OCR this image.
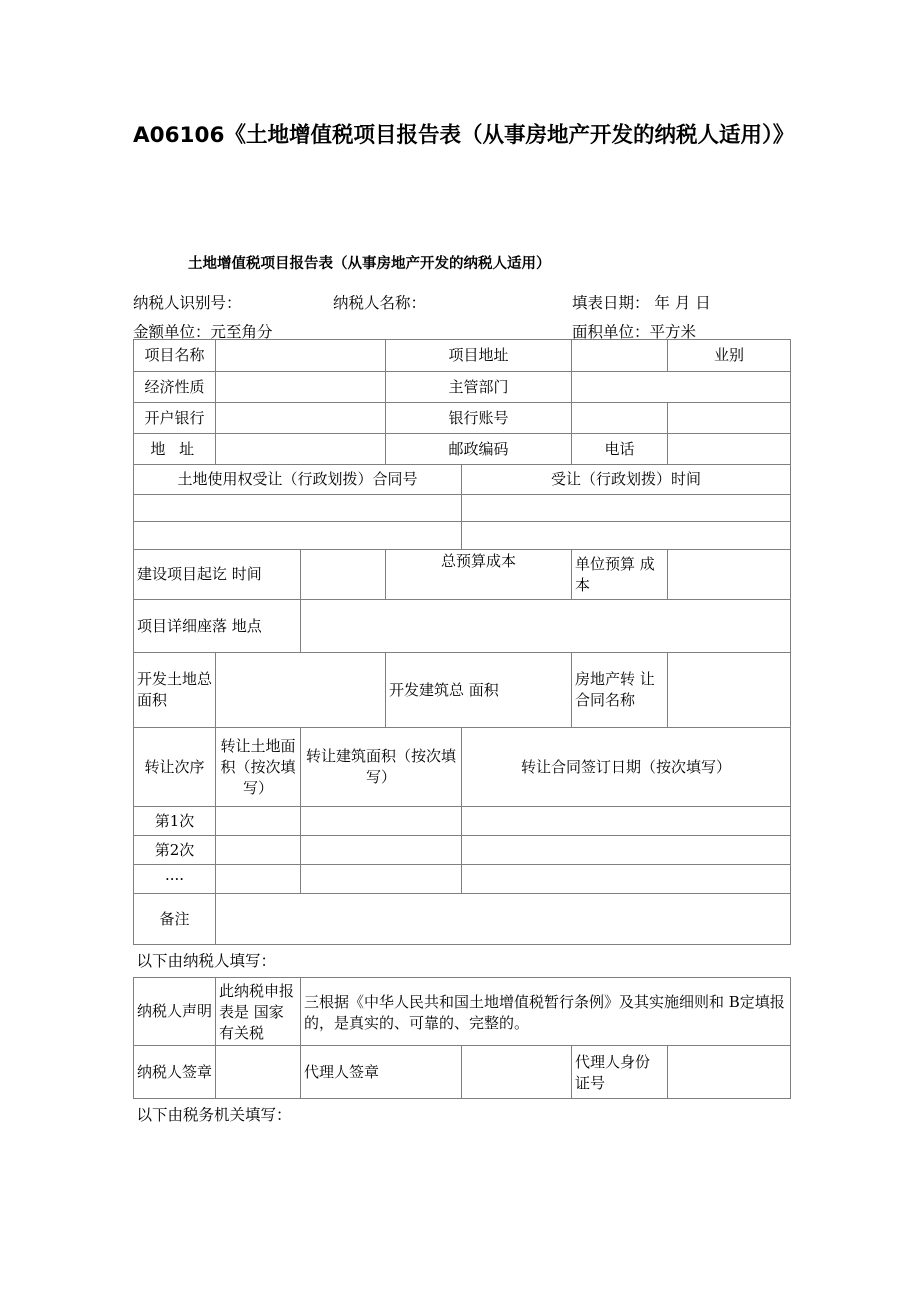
A06106《土地增值税项目报告表（从事房地产开发的纳税人适用）》
土地增值税项目报告表（从事房地产开发的纳税人适用）
纳税人识别号：	纳税人名称：	填表日期： 年 月 日
金额单位：元至角分	面积单位：平方米
项目名称			项目地址			业别

经济性质			主管部门			
开户银行			银行账号			
地 址			邮政编码		电话	
土地使用权受让（行政划拨）合同号				受让（行政划拨）时间		

建设项目起讫 时间			总预算成本		单位预算 成本	
项目详细座落 地点						
开发土地总 面积			开发建筑总 面积		房地产转 让合同名称	
转让次序	转让土地面 积（按次填 写）	转让建筑面积（按次填写）		转让合同签订日期（按次填写）		
第1次						
第2次						
····						
备注						
以下由纳税人填写：						
纳税人声明	此纳税申报表是 国家有关税	三根据《中华人民共和国土地增值税暂行条例》及其实施细则和 B定填报的，是真实的、可靠的、完整的。				
纳税人签章		代理人签章			代理人身份证号	
以下由税务机关填写：						
